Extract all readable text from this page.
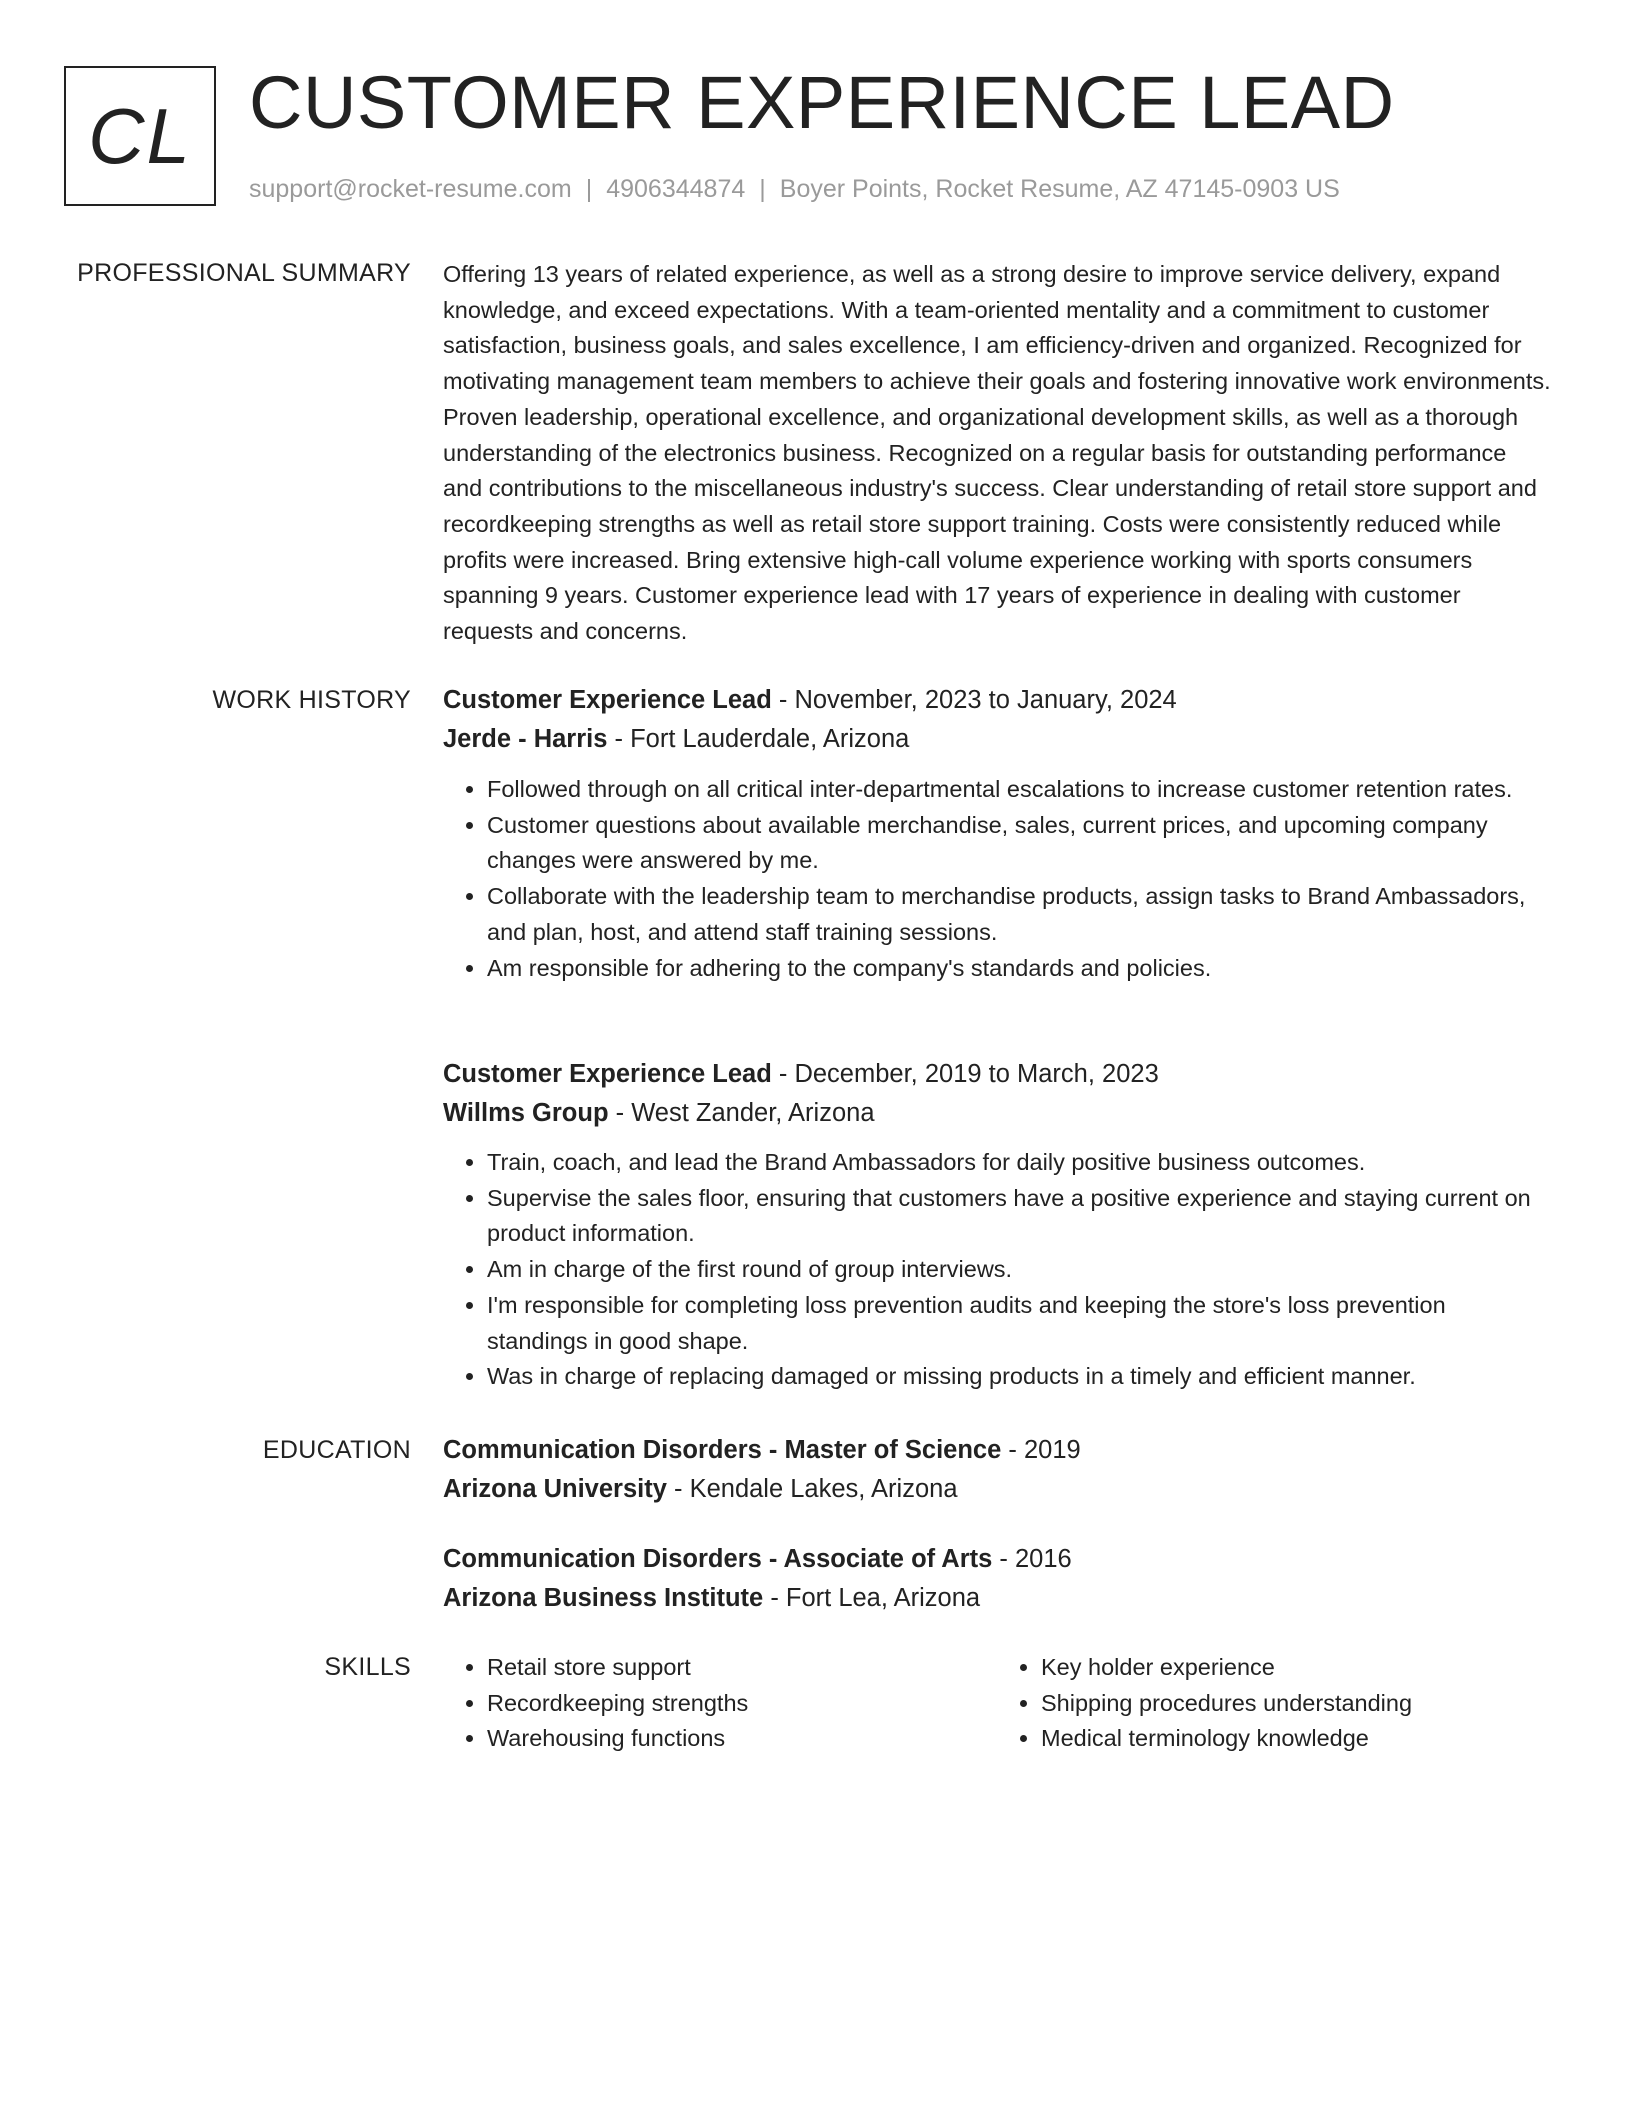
CL CUSTOMER EXPERIENCE LEAD
support@rocket-resume.com | 4906344874 | Boyer Points, Rocket Resume, AZ 47145-0903 US
PROFESSIONAL SUMMARY Offering 13 years of related experience, as well as a strong desire to improve service delivery, expand knowledge, and exceed expectations. With a team-oriented mentality and a commitment to customer satisfaction, business goals, and sales excellence, I am efficiency-driven and organized. Recognized for motivating management team members to achieve their goals and fostering innovative work environments. Proven leadership, operational excellence, and organizational development skills, as well as a thorough understanding of the electronics business. Recognized on a regular basis for outstanding performance and contributions to the miscellaneous industry's success. Clear understanding of retail store support and recordkeeping strengths as well as retail store support training. Costs were consistently reduced while profits were increased. Bring extensive high-call volume experience working with sports consumers spanning 9 years. Customer experience lead with 17 years of experience in dealing with customer requests and concerns.

WORK HISTORY Customer Experience Lead - November, 2023 to January, 2024
Jerde - Harris - Fort Lauderdale, Arizona
• Followed through on all critical inter-departmental escalations to increase customer retention rates.
• Customer questions about available merchandise, sales, current prices, and upcoming company changes were answered by me.
• Collaborate with the leadership team to merchandise products, assign tasks to Brand Ambassadors, and plan, host, and attend staff training sessions.
• Am responsible for adhering to the company's standards and policies.
Customer Experience Lead - December, 2019 to March, 2023
Willms Group - West Zander, Arizona
• Train, coach, and lead the Brand Ambassadors for daily positive business outcomes.
• Supervise the sales floor, ensuring that customers have a positive experience and staying current on product information.
• Am in charge of the first round of group interviews.
• I'm responsible for completing loss prevention audits and keeping the store's loss prevention standings in good shape.
• Was in charge of replacing damaged or missing products in a timely and efficient manner.
EDUCATION Communication Disorders - Master of Science - 2019
Arizona University - Kendale Lakes, Arizona
Communication Disorders - Associate of Arts - 2016
Arizona Business Institute - Fort Lea, Arizona
SKILLS
•	Retail store support
• Recordkeeping strengths
• Warehousing functions
• Key holder experience
• Shipping procedures understanding
• Medical terminology knowledge
